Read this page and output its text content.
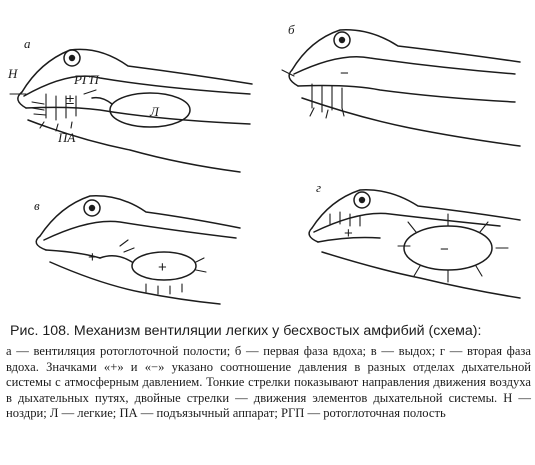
а
Н	РГП
±
Л
ПА
б
−
в
+
+
г
+
−

Рис. 108. Механизм вентиляции легких у бесхвостых амфибий (схема):

а — вентиляция ротоглоточной полости; б — первая фаза вдоха; в — выдох; г — вторая фаза вдоха. Значками «+» и «−» указано соотношение давления в разных отделах дыхательной системы с атмосферным давлением. Тонкие стрелки показывают направления движения воздуха в дыхательных путях, двойные стрелки — движения элементов дыхательной системы. Н — ноздри; Л — легкие; ПА — подъязычный аппарат; РГП — ротоглоточная полость
